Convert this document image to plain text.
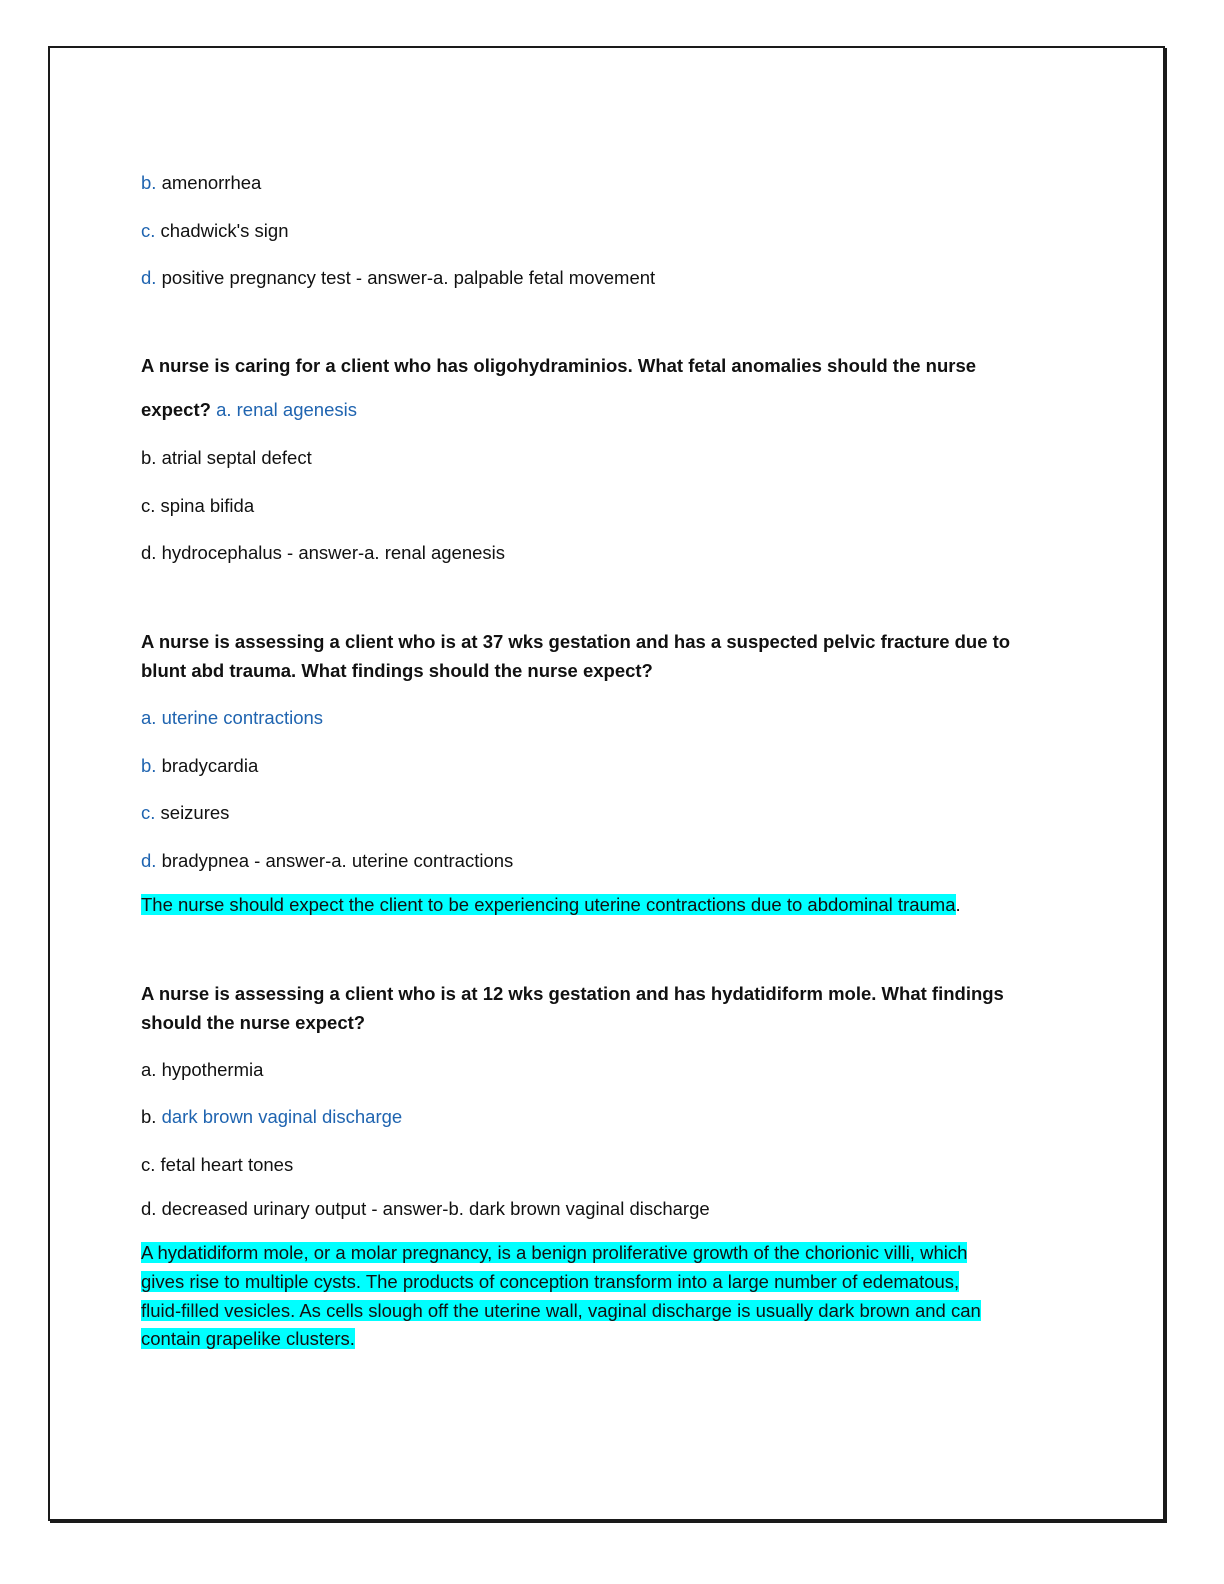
b. amenorrhea
c. chadwick's sign
d. positive pregnancy test - answer-a. palpable fetal movement
A nurse is caring for a client who has oligohydraminios. What fetal anomalies should the nurse
expect? a. renal agenesis
b. atrial septal defect
c. spina bifida
d. hydrocephalus - answer-a. renal agenesis
A nurse is assessing a client who is at 37 wks gestation and has a suspected pelvic fracture due to
blunt abd trauma. What findings should the nurse expect?
a. uterine contractions
b. bradycardia
c. seizures
d. bradypnea - answer-a. uterine contractions
The nurse should expect the client to be experiencing uterine contractions due to abdominal trauma.
A nurse is assessing a client who is at 12 wks gestation and has hydatidiform mole. What findings
should the nurse expect?
a. hypothermia
b. dark brown vaginal discharge
c. fetal heart tones
d. decreased urinary output - answer-b. dark brown vaginal discharge
A hydatidiform mole, or a molar pregnancy, is a benign proliferative growth of the chorionic villi, which
gives rise to multiple cysts. The products of conception transform into a large number of edematous,
fluid-filled vesicles. As cells slough off the uterine wall, vaginal discharge is usually dark brown and can
contain grapelike clusters.
